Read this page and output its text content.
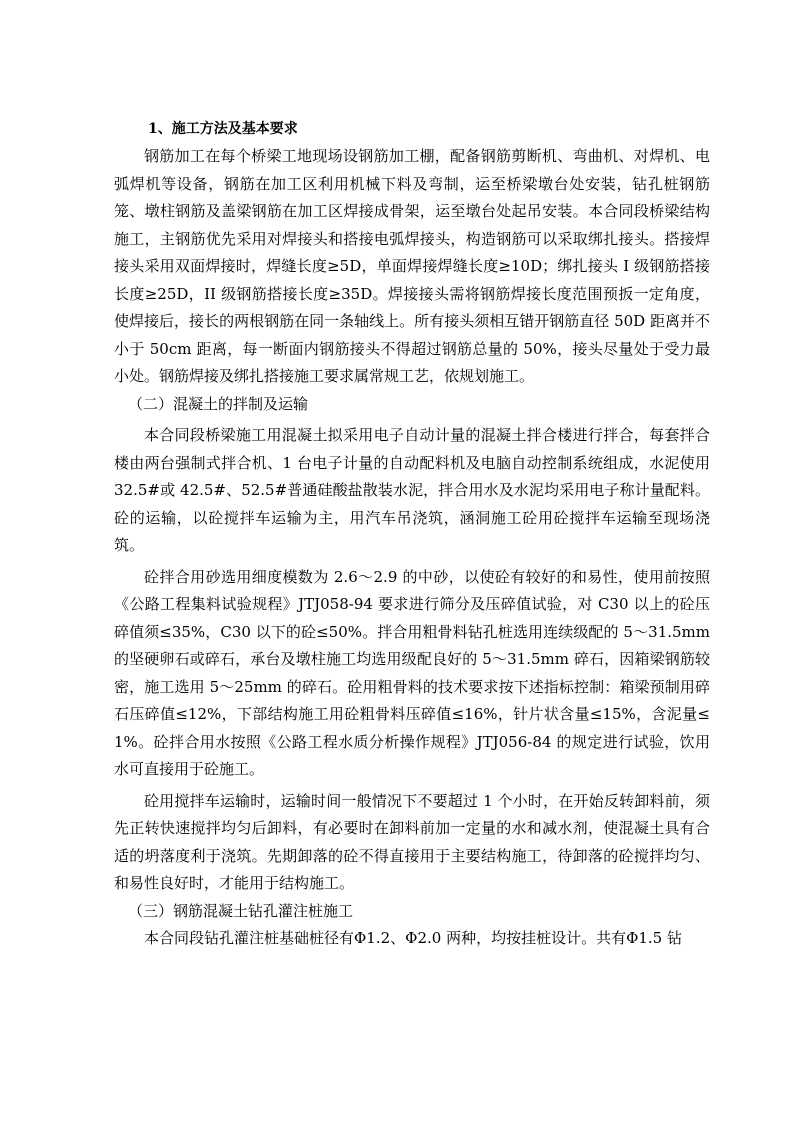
1、施工方法及基本要求

钢筋加工在每个桥梁工地现场设钢筋加工棚，配备钢筋剪断机、弯曲机、对焊机、电弧焊机等设备，钢筋在加工区利用机械下料及弯制，运至桥梁墩台处安装，钻孔桩钢筋笼、墩柱钢筋及盖梁钢筋在加工区焊接成骨架，运至墩台处起吊安装。本合同段桥梁结构施工，主钢筋优先采用对焊接头和搭接电弧焊接头，构造钢筋可以采取绑扎接头。搭接焊接头采用双面焊接时，焊缝长度≥5D，单面焊接焊缝长度≥10D；绑扎接头 I 级钢筋搭接长度≥25D，II 级钢筋搭接长度≥35D。焊接接头需将钢筋焊接长度范围预扳一定角度，使焊接后，接长的两根钢筋在同一条轴线上。所有接头须相互错开钢筋直径 50D 距离并不小于 50cm 距离，每一断面内钢筋接头不得超过钢筋总量的 50%，接头尽量处于受力最小处。钢筋焊接及绑扎搭接施工要求属常规工艺，依规划施工。

（二）混凝土的拌制及运输

本合同段桥梁施工用混凝土拟采用电子自动计量的混凝土拌合楼进行拌合，每套拌合楼由两台强制式拌合机、1 台电子计量的自动配料机及电脑自动控制系统组成，水泥使用 32.5#或 42.5#、52.5#普通硅酸盐散装水泥，拌合用水及水泥均采用电子称计量配料。砼的运输，以砼搅拌车运输为主，用汽车吊浇筑，涵洞施工砼用砼搅拌车运输至现场浇筑。

砼拌合用砂选用细度模数为 2.6～2.9 的中砂，以使砼有较好的和易性，使用前按照《公路工程集料试验规程》JTJ058-94 要求进行筛分及压碎值试验，对 C30 以上的砼压碎值须≤35%，C30 以下的砼≤50%。拌合用粗骨料钻孔桩选用连续级配的 5～31.5mm 的坚硬卵石或碎石，承台及墩柱施工均选用级配良好的 5～31.5mm 碎石，因箱梁钢筋较密，施工选用 5～25mm 的碎石。砼用粗骨料的技术要求按下述指标控制：箱梁预制用碎石压碎值≤12%，下部结构施工用砼粗骨料压碎值≤16%，针片状含量≤15%，含泥量≤1%。砼拌合用水按照《公路工程水质分析操作规程》JTJ056-84 的规定进行试验，饮用水可直接用于砼施工。

砼用搅拌车运输时，运输时间一般情况下不要超过 1 个小时，在开始反转卸料前，须先正转快速搅拌均匀后卸料，有必要时在卸料前加一定量的水和减水剂，使混凝土具有合适的坍落度利于浇筑。先期卸落的砼不得直接用于主要结构施工，待卸落的砼搅拌均匀、和易性良好时，才能用于结构施工。

（三）钢筋混凝土钻孔灌注桩施工

本合同段钻孔灌注桩基础桩径有Φ1.2、Φ2.0 两种，均按挂桩设计。共有Φ1.5 钻
